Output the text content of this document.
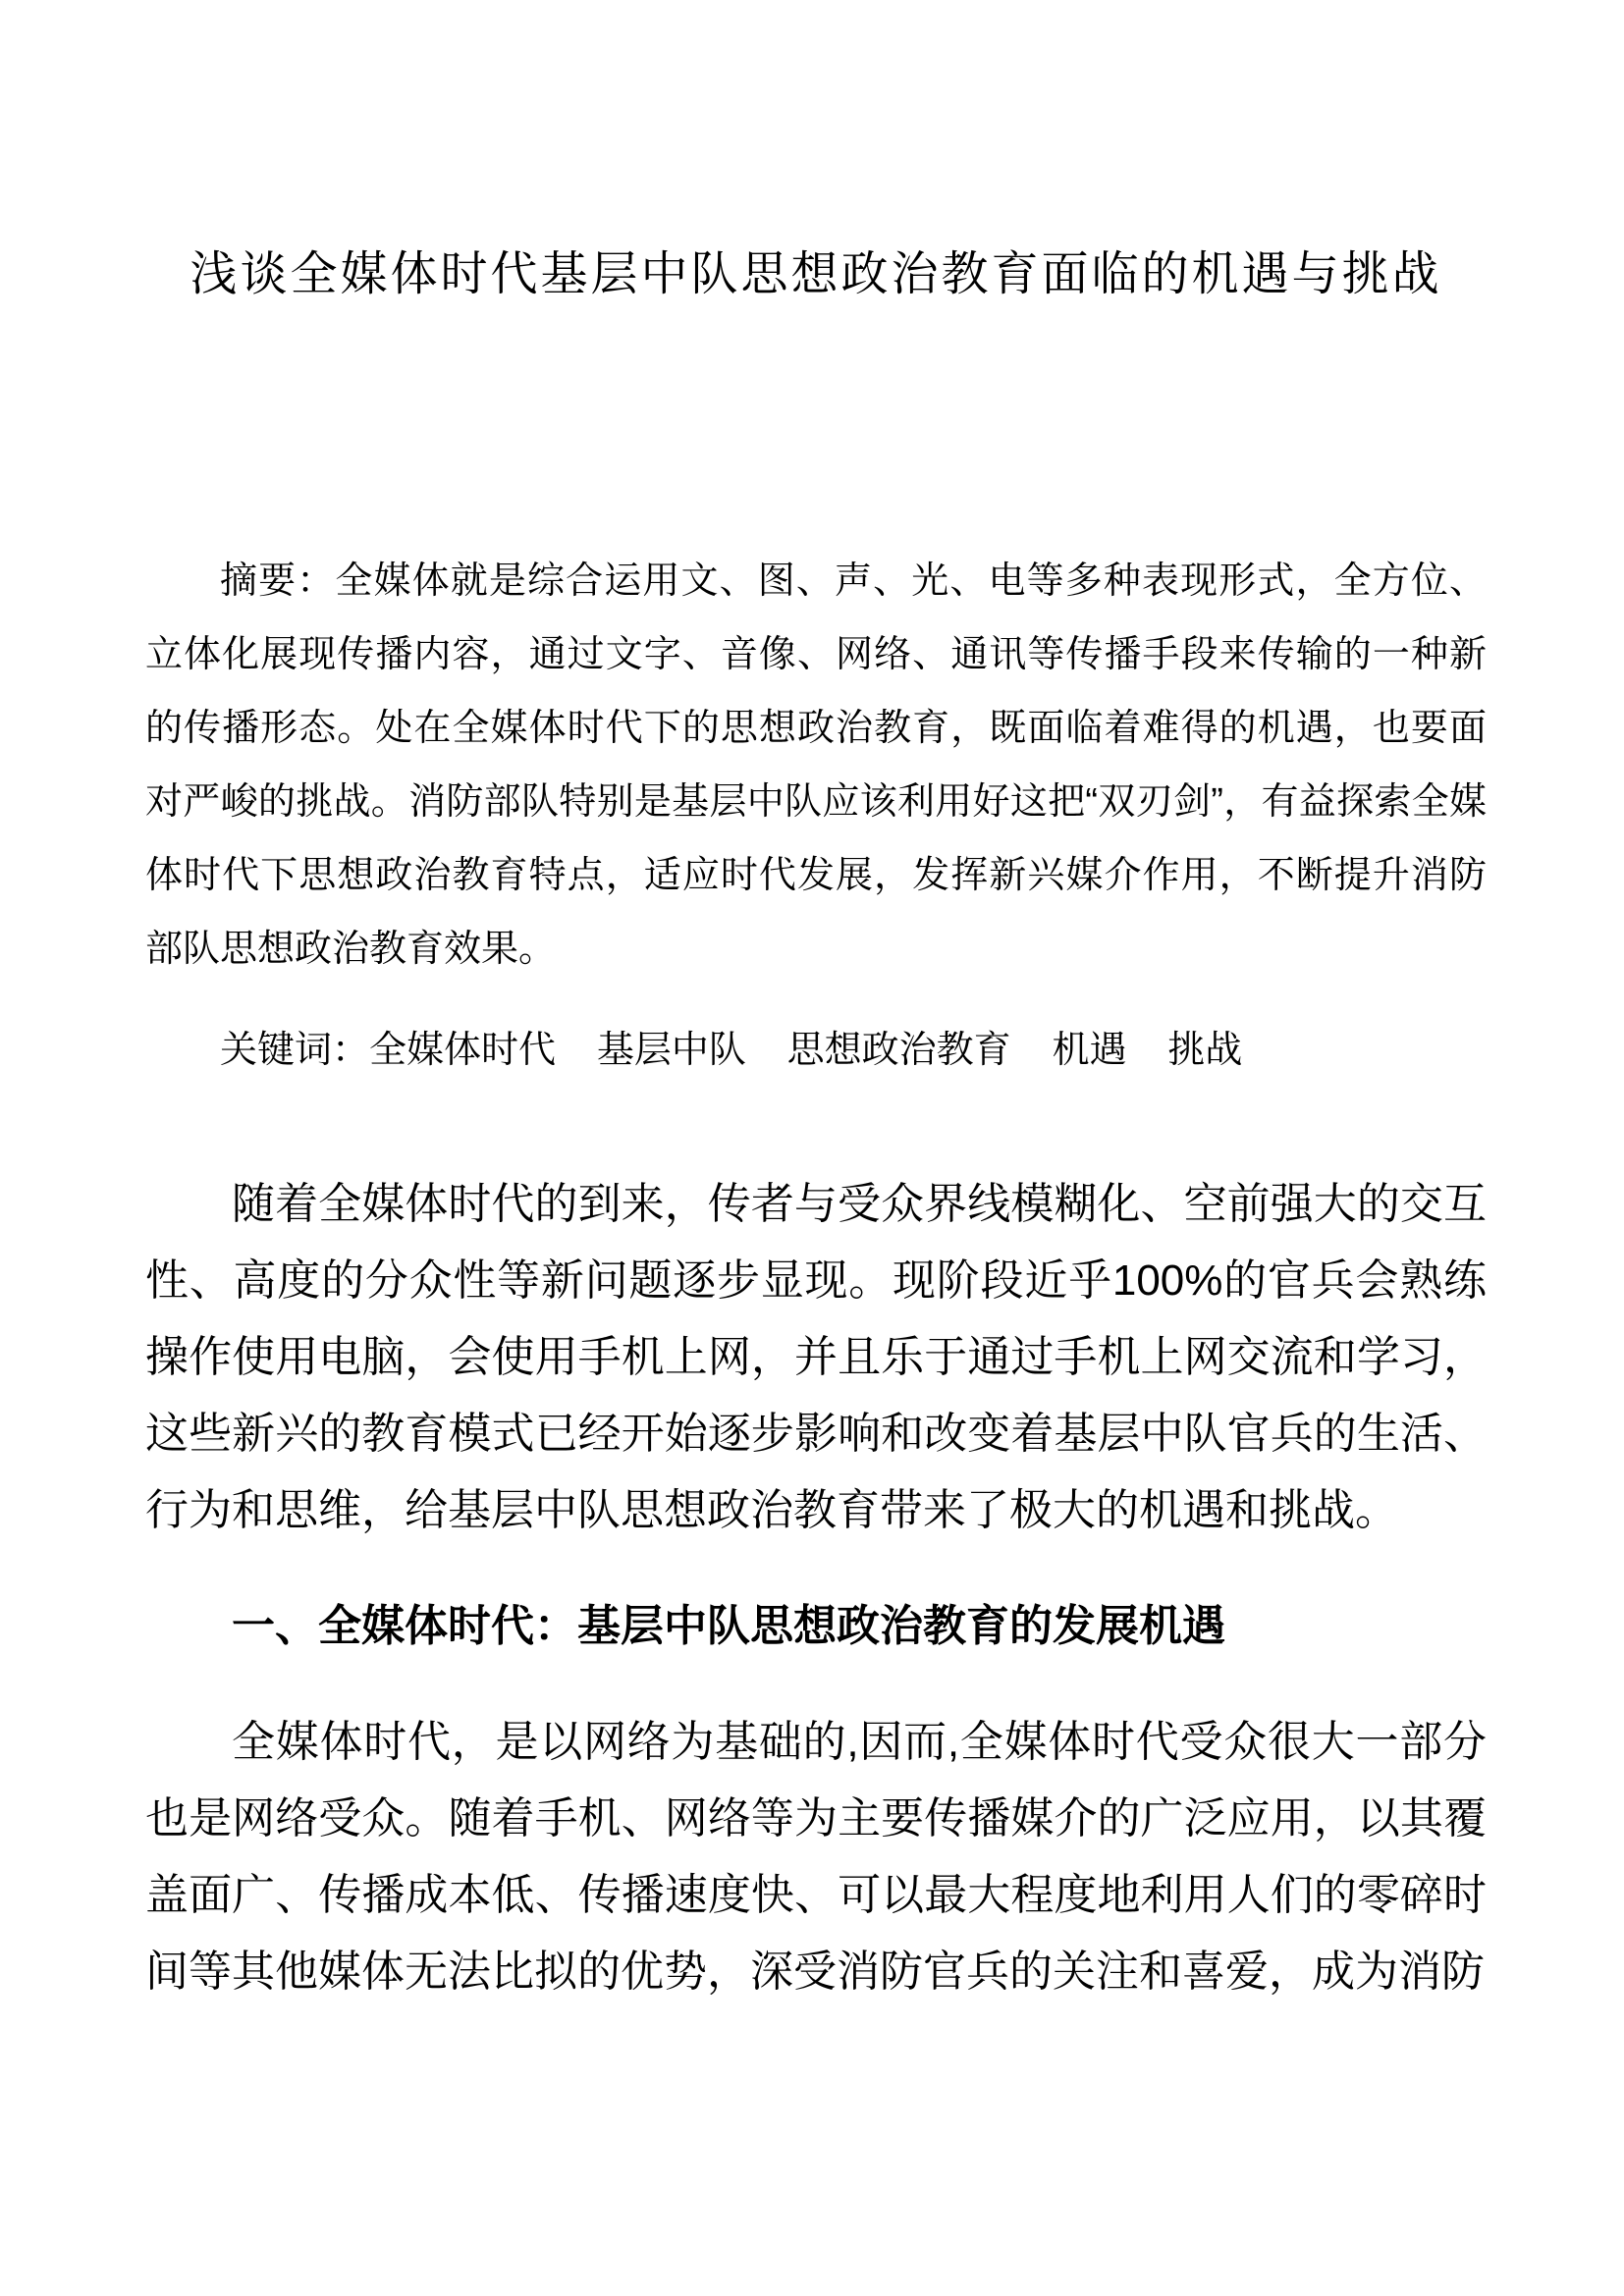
浅谈全媒体时代基层中队思想政治教育面临的机遇与挑战

摘要：全媒体就是综合运用文、图、声、光、电等多种表现形式，全方位、立体化展现传播内容，通过文字、音像、网络、通讯等传播手段来传输的一种新的传播形态。处在全媒体时代下的思想政治教育，既面临着难得的机遇，也要面对严峻的挑战。消防部队特别是基层中队应该利用好这把“双刃剑”，有益探索全媒体时代下思想政治教育特点，适应时代发展，发挥新兴媒介作用，不断提升消防部队思想政治教育效果。

关键词：全媒体时代 基层中队 思想政治教育 机遇 挑战

随着全媒体时代的到来，传者与受众界线模糊化、空前强大的交互性、高度的分众性等新问题逐步显现。现阶段近乎100%的官兵会熟练操作使用电脑，会使用手机上网，并且乐于通过手机上网交流和学习，这些新兴的教育模式已经开始逐步影响和改变着基层中队官兵的生活、行为和思维，给基层中队思想政治教育带来了极大的机遇和挑战。

一、全媒体时代：基层中队思想政治教育的发展机遇

全媒体时代，是以网络为基础的,因而,全媒体时代受众很大一部分也是网络受众。随着手机、网络等为主要传播媒介的广泛应用，以其覆盖面广、传播成本低、传播速度快、可以最大程度地利用人们的零碎时间等其他媒体无法比拟的优势，深受消防官兵的关注和喜爱，成为消防
